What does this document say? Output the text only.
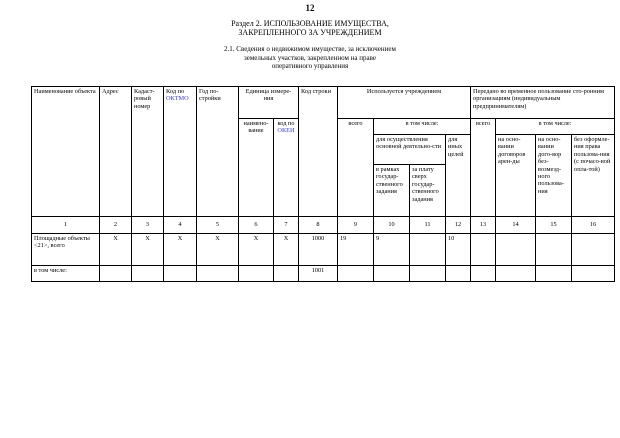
12
Раздел 2. ИСПОЛЬЗОВАНИЕ ИМУЩЕСТВА,
ЗАКРЕПЛЕННОГО ЗА УЧРЕЖДЕНИЕМ
2.1. Сведения о недвижимом имуществе, за исключением
земельных участков, закрепленном на праве
оперативного управления
Наименование объекта	Адрес	Кадаст-ровый номер	Код по ОКТМО	Год по-стройки	Единица измере-ния		Код строки	Используется учреждением				Передано во временное пользование сто-ронним организациям (индивидуальным предпринимателям)			
					наимено-вание	код по ОКЕИ		всего	в том числе:			всего	в том числе:		
									для осуществления основной деятельно-сти		для иных целей		на осно-вании договоров арен-ды	на осно-вании дого-вор без-возмезд-ного пользова-ния	без оформле-ния права пользова-ния (с почасо-вой опла-той)
									в рамках государ-ственного задания	за плату сверх государ-ственного задания					
1	2	3	4	5	6	7	8	9	10	11	12	13	14	15	16
Площадные объекты <21>, всего	X	X	X	X	X	X	1000	19	9		10				
в том числе:							1001								
